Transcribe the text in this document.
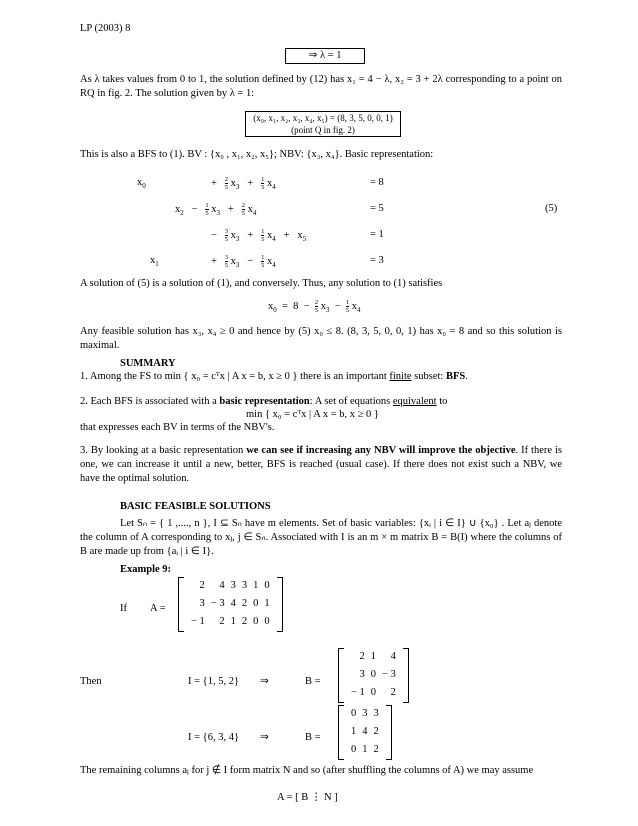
LP (2003) 8
⇒ λ = 1
As λ takes values from 0 to 1, the solution defined by (12) has x₁ = 4 − λ, x₂ = 3 + 2λ corresponding to a point on RQ in fig. 2. The solution given by λ = 1:
(x₀, x₁, x₂, x₃, x₄, x₅) = (8, 3, 5, 0, 0, 1)
(point Q in fig. 2)
This is also a BFS to (1). BV : {x₀ , x₁, x₂, x₅}; NBV: {x₃, x₄}. Basic representation:
$x_0$	+ $\frac{2}{5} x_3 + \frac{1}{5} x_4$	= 8
$x_2 - \frac{1}{5} x_3 + \frac{2}{5} x_4$	= 5	(5)
− $\frac{3}{5} x_3 + \frac{1}{5} x_4 + x_5$	= 1
$x_1$	+ $\frac{3}{5} x_3 - \frac{1}{5} x_4$	= 3
A solution of (5) is a solution of (1), and conversely. Thus, any solution to (1) satisfies
$x_0 = 8 - \frac{2}{5} x_3 - \frac{1}{5} x_4$
Any feasible solution has x₃, x₄ ≥ 0 and hence by (5) x₀ ≤ 8. (8, 3, 5, 0, 0, 1) has x₀ = 8 and so this solution is maximal.
SUMMARY
1. Among the FS to min { x₀ = cᵀx | A x = b, x ≥ 0 } there is an important finite subset: BFS.
2. Each BFS is associated with a basic representation: A set of equations equivalent to
min { x₀ = cᵀx | A x = b, x ≥ 0 }
that expresses each BV in terms of the NBV's.
3. By looking at a basic representation we can see if increasing any NBV will improve the objective. If there is one, we can increase it until a new, better, BFS is reached (usual case). If there does not exist such a NBV, we have the optimal solution.
BASIC FEASIBLE SOLUTIONS
Let Sₙ = { 1 ,...., n }, I ⊆ Sₙ have m elements. Set of basic variables: {xᵢ | i ∈ I} ∪ {x₀} . Let aⱼ denote the column of A corresponding to xⱼ, j ∈ Sₙ. Associated with I is an m × m matrix B = B(I) where the columns of B are made up from {aᵢ | i ∈ I}.
Example 9:
If A =
2	4 3 3 1 0
3 − 3 4 2 0 1
− 1	2 1 2 0 0
Then	I = {1, 5, 2} ⇒	B =
2 1	4
3 0 − 3
− 1 0	2
I = {6, 3, 4} ⇒	B =
0 3 3
1 4 2
0 1 2
The remaining columns aⱼ for j ∉ I form matrix N and so (after shuffling the columns of A) we may assume
A = [ B ⋮ N ]
